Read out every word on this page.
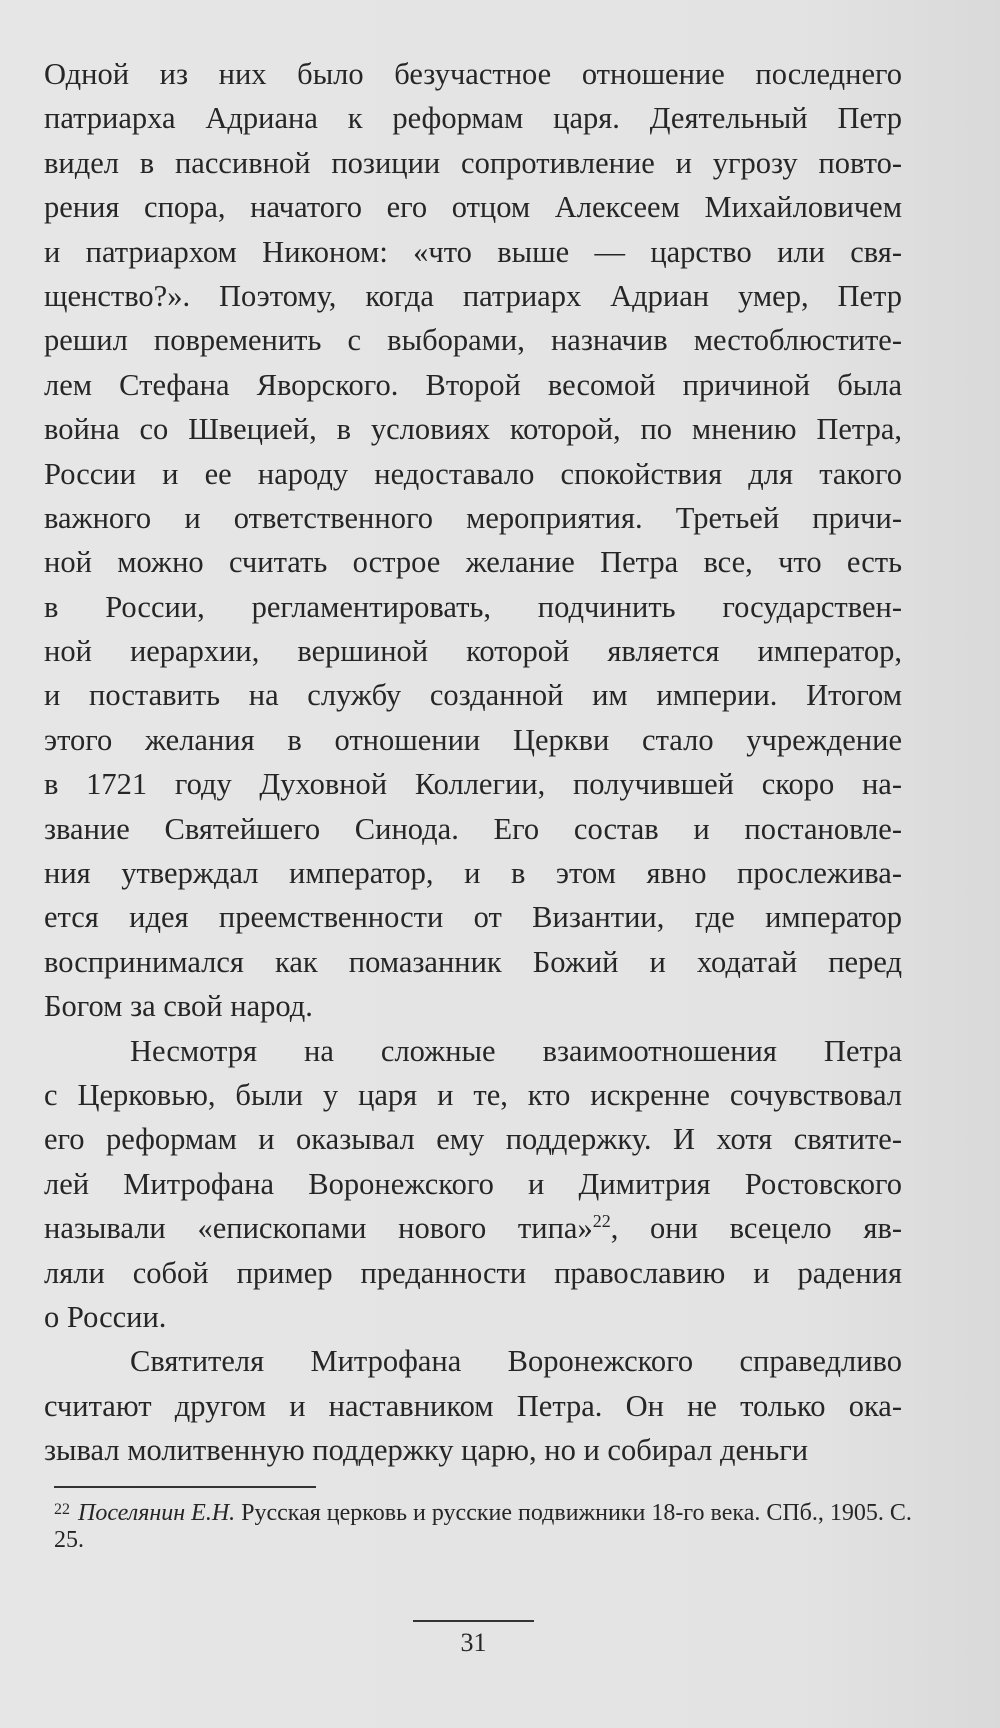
Одной из них было безучастное отношение последнего
патриарха Адриана к реформам царя. Деятельный Петр
видел в пассивной позиции сопротивление и угрозу повто-
рения спора, начатого его отцом Алексеем Михайловичем
и патриархом Никоном: «что выше — царство или свя-
щенство?». Поэтому, когда патриарх Адриан умер, Петр
решил повременить с выборами, назначив местоблюстите-
лем Стефана Яворского. Второй весомой причиной была
война со Швецией, в условиях которой, по мнению Петра,
России и ее народу недоставало спокойствия для такого
важного и ответственного мероприятия. Третьей причи-
ной можно считать острое желание Петра все, что есть
в России, регламентировать, подчинить государствен-
ной иерархии, вершиной которой является император,
и поставить на службу созданной им империи. Итогом
этого желания в отношении Церкви стало учреждение
в 1721 году Духовной Коллегии, получившей скоро на-
звание Святейшего Синода. Его состав и постановле-
ния утверждал император, и в этом явно прослежива-
ется идея преемственности от Византии, где император
воспринимался как помазанник Божий и ходатай перед
Богом за свой народ.
Несмотря на сложные взаимоотношения Петра
с Церковью, были у царя и те, кто искренне сочувствовал
его реформам и оказывал ему поддержку. И хотя святите-
лей Митрофана Воронежского и Димитрия Ростовского
называли «епископами нового типа»$^{22}$, они всецело яв-
ляли собой пример преданности православию и радения
о России.
Святителя Митрофана Воронежского справедливо
считают другом и наставником Петра. Он не только ока-
зывал молитвенную поддержку царю, но и собирал деньги
$^{22}$ Поселянин Е.Н. Русская церковь и русские подвижники 18-го века. СПб., 1905. С. 25.
31
